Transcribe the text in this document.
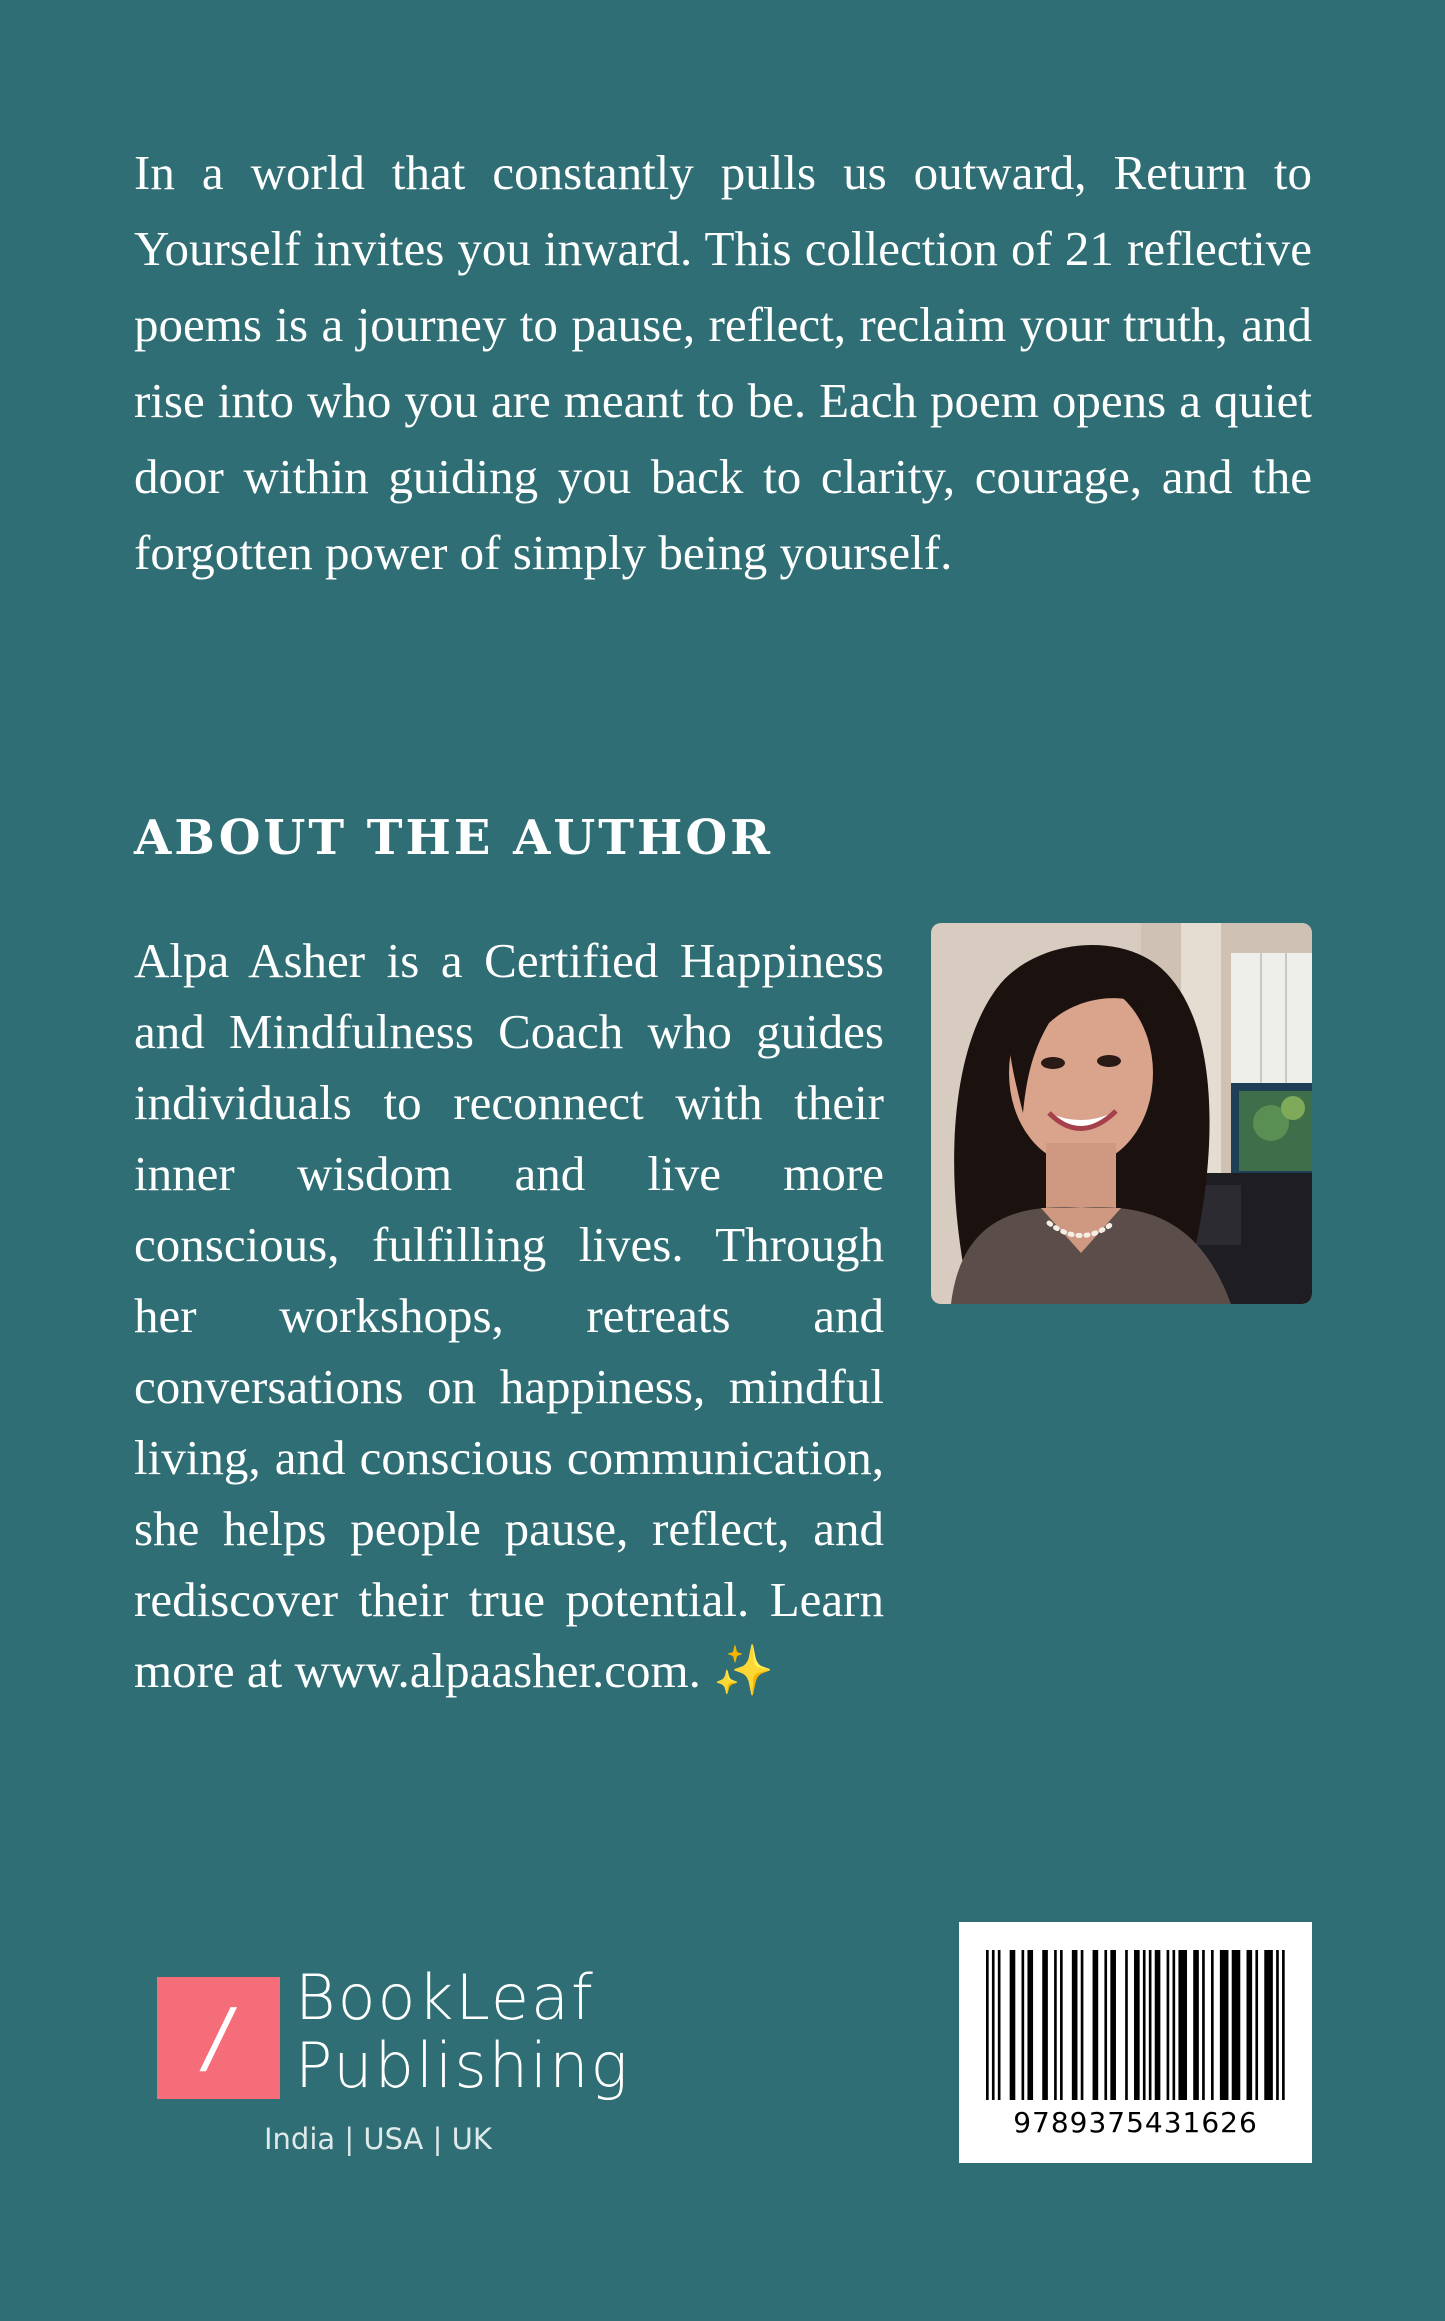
In a world that constantly pulls us outward, Return to Yourself invites you inward. This collection of 21 reflective poems is a journey to pause, reflect, reclaim your truth, and rise into who you are meant to be. Each poem opens a quiet door within guiding you back to clarity, courage, and the forgotten power of simply being yourself.

ABOUT THE AUTHOR

Alpa Asher is a Certified Happiness and Mindfulness Coach who guides individuals to reconnect with their inner wisdom and live more conscious, fulfilling lives. Through her workshops, retreats and conversations on happiness, mindful living, and conscious communication, she helps people pause, reflect, and rediscover their true potential. Learn more at www.alpaasher.com. ✨

/ BookLeaf
Publishing

India | USA | UK	9789375431626
